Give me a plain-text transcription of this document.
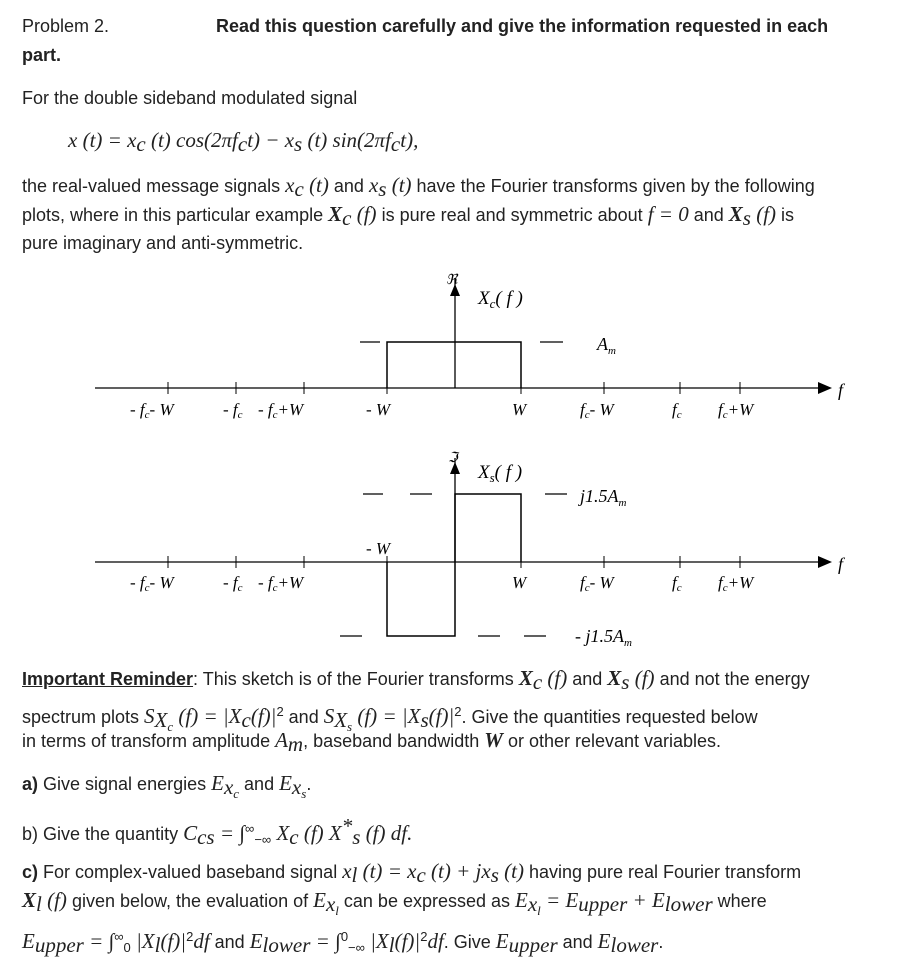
Problem 2.	Read this question carefully and give the information requested in each
part.
For the double sideband modulated signal
x $(t) = x_c$ (t) $\cos(2\pi f_ct) - x_s$ (t) $\sin(2\pi f_ct)$,
the real-valued message signals $x_c$ (t) and $x_s$ (t) have the Fourier transforms given by the following
plots, where in this particular example $X_c$ (f) is pure real and symmetric about f = 0 and $X_s$ (f) is
pure imaginary and anti-symmetric.
f
ℜ
$X_c$( f )
$A_m$
- fc- W	- fc - fc+W	- W	W	fc- W	fc fc+W
f
ℑ
$X_s$( f )
$j1.5A_m$
- $j1.5A_m$
- W
- fc- W	- fc - fc+W	W	fc- W	fc fc+W
Important Reminder: This sketch is of the Fourier transforms $X_c$ (f) and $X_s$ (f) and not the energy
spectrum plots $S_{X_c}$ $(f) = |X_c(f)|^2$ and $S_{X_s}$ $(f) = |X_s(f)|^2$. Give the quantities requested below
in terms of transform amplitude $A_m$, baseband bandwidth W or other relevant variables.
a) Give signal energies $E_{x_c}$ and $E_{x_s}$.
b) Give the quantity $C_{cs} = \int^\infty_{-\infty}$ $X_c$ (f) $X^*_s$ (f) df.
c) For complex-valued baseband signal $x_l$ $(t) = x_c$ $(t) + jx_s$ (t) having pure real Fourier transform
$X_l$ (f) given below, the evaluation of $E_{x_l}$ can be expressed as $E_{x_l} = E_{upper} + E_{lower}$ where
$E_{upper} = \int^\infty_0$ $|X_l(f)|^2df$ and $E_{lower} = \int^0_{-\infty}$ $|X_l(f)|^2df$. Give $E_{upper}$ and $E_{lower}$.
